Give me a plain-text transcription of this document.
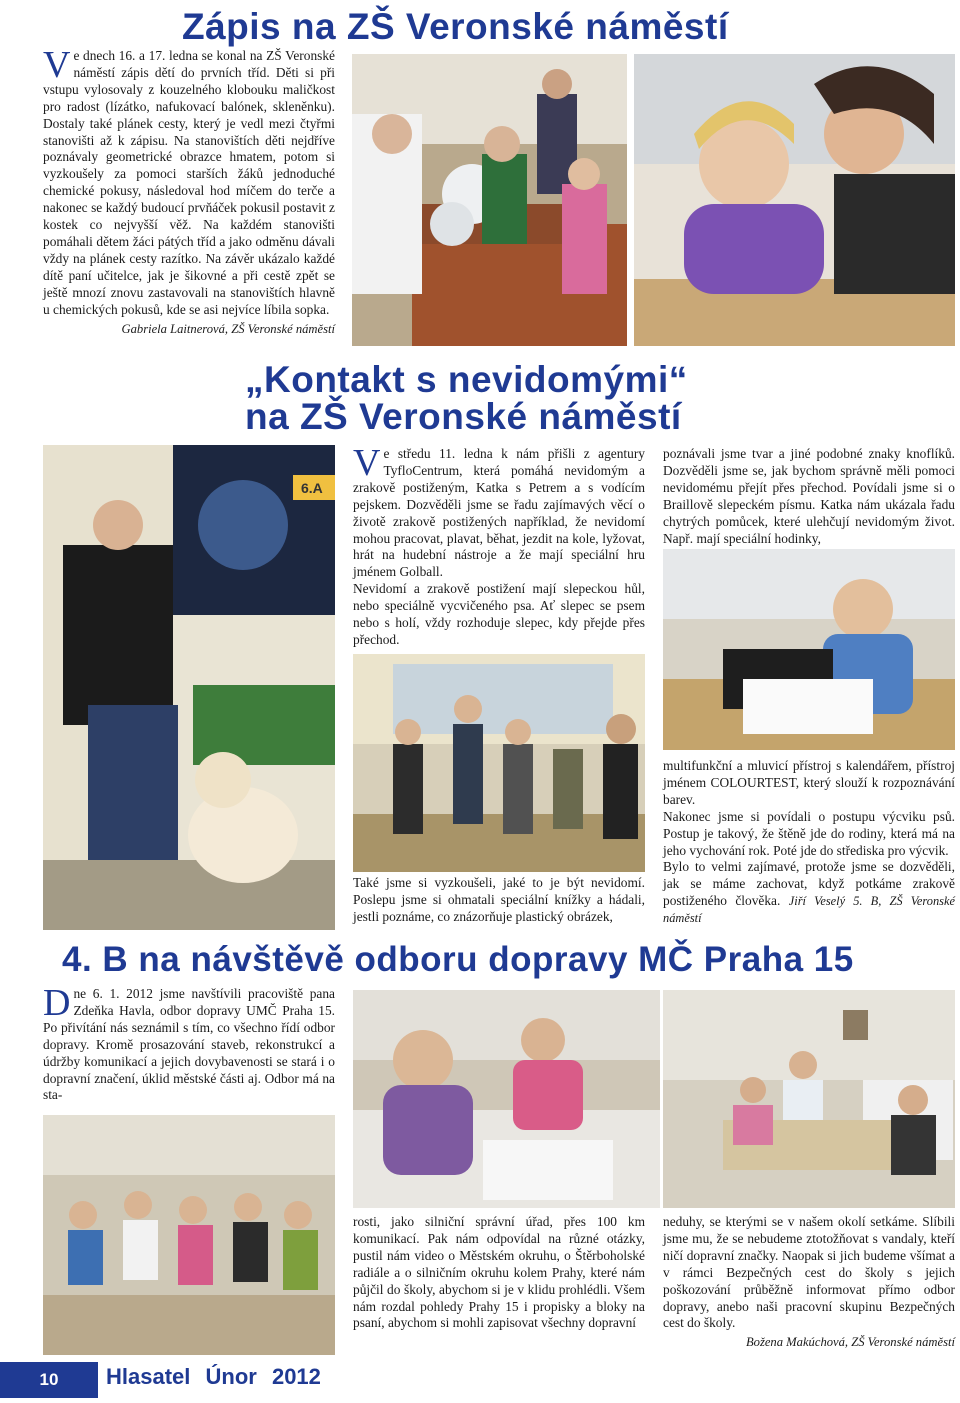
Zápis na ZŠ Veronské náměstí
Ve dnech 16. a 17. ledna se konal na ZŠ Veronské náměstí zápis dětí do prvních tříd. Děti si při vstupu vylosovaly z kouzelného klobouku maličkost pro radost (lízátko, nafukovací balónek, skleněnku). Dostaly také plánek cesty, který je vedl mezi čtyřmi stanovišti až k zápisu. Na stanovištích děti nejdříve poznávaly geometrické obrazce hmatem, potom si vyzkoušely za pomoci starších žáků jednoduché chemické pokusy, následoval hod míčem do terče a nakonec se každý budoucí prvňáček pokusil postavit z kostek co nejvyšší věž. Na každém stanovišti pomáhali dětem žáci pátých tříd a jako odměnu dávali vždy na plánek cesty razítko. Na závěr ukázalo každé dítě paní učitelce, jak je šikovné a při cestě zpět se ještě mnozí znovu zastavovali na stanovištích hlavně u chemických pokusů, kde se asi nejvíce líbila sopka.
Gabriela Laitnerová, ZŠ Veronské náměstí
„Kontakt s nevidomými“
na ZŠ Veronské náměstí
6.A

Ve středu 11. ledna k nám přišli z agentury TyfloCentrum, která pomáhá nevidomým a zrakově postiženým, Katka s Petrem a s vodícím pejskem. Dozvěděli jsme se řadu zajímavých věcí o životě zrakově postižených například, že nevidomí mohou pracovat, plavat, běhat, jezdit na kole, lyžovat, hrát na hudební nástroje a že mají speciální hru jménem Golball.

Nevidomí a zrakově postižení mají slepeckou hůl, nebo speciálně vycvičeného psa. Ať slepec se psem nebo s holí, vždy rozhoduje slepec, kdy přejde přes přechod.

poznávali jsme tvar a jiné podobné znaky knoflíků. Dozvěděli jsme se, jak bychom správně měli pomoci nevidomému přejít přes přechod. Povídali jsme si o Braillově slepeckém písmu. Katka nám ukázala řadu chytrých pomůcek, které ulehčují nevidomým život. Např. mají speciální hodinky,
Také jsme si vyzkoušeli, jaké to je být nevidomí. Poslepu jsme si ohmatali speciální knížky a hádali, jestli poznáme, co znázorňuje plastický obrázek,

multifunkční a mluvicí přístroj s kalendářem, přístroj jménem COLOURTEST, který slouží k rozpoznávání barev.

Nakonec jsme si povídali o postupu výcviku psů. Postup je takový, že štěně jde do rodiny, která má na jeho vychování rok. Poté jde do střediska pro výcvik.

Bylo to velmi zajímavé, protože jsme se dozvěděli, jak se máme zachovat, když potkáme zrakově postiženého člověka. Jiří Veselý 5. B, ZŠ Veronské náměstí

4. B na návštěvě odboru dopravy MČ Praha 15
Dne 6. 1. 2012 jsme navštívili pracoviště pana Zdeňka Havla, odbor dopravy UMČ Praha 15. Po přivítání nás seznámil s tím, co všechno řídí odbor dopravy. Kromě prosazování staveb, rekonstrukcí a údržby komunikací a jejich dovybavenosti se stará i o dopravní značení, úklid městské části aj. Odbor má na sta-
rosti, jako silniční správní úřad, přes 100 km komunikací. Pak nám odpovídal na různé otázky, pustil nám video o Městském okruhu, o Štěrboholské radiále a o silničním okruhu kolem Prahy, které nám půjčil do školy, abychom si je v klidu prohlédli. Všem nám rozdal pohledy Prahy 15 i propisky a bloky na psaní, abychom si mohli zapisovat všechny dopravní
neduhy, se kterými se v našem okolí setkáme. Slíbili jsme mu, že se nebudeme ztotožňovat s vandaly, kteří ničí dopravní značky. Naopak si jich budeme všímat a v rámci Bezpečných cest do školy s jejich poškozování průběžně informovat přímo odbor dopravy, anebo naši pracovní skupinu Bezpečných cest do školy.
Božena Makúchová, ZŠ Veronské náměstí
10	Hlasatel Únor 2012
